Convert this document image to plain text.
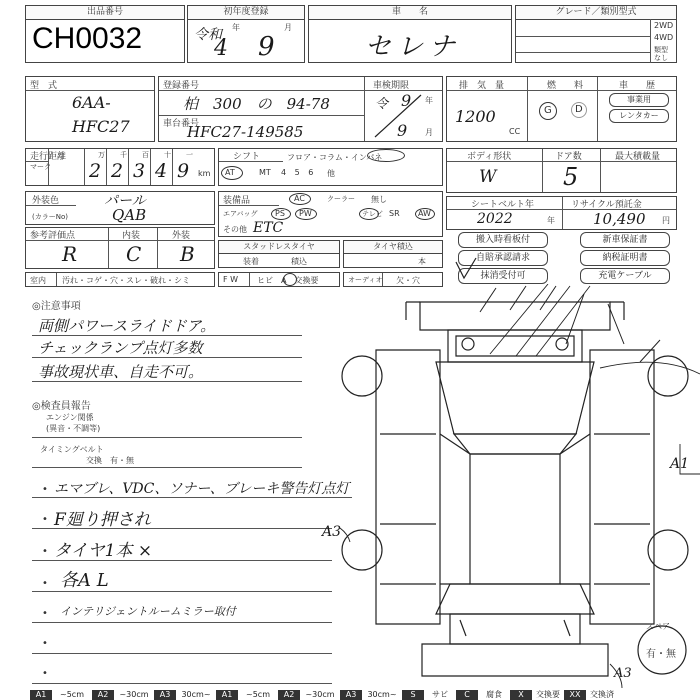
出品番号
CH0032
初年度登録
令和 年
4
月
9
車　　名
セレナ
グレード／類別型式
2WD
4WD
類型
なし
型　式
6AA-
HFC27
登録番号
柏　300　の　94-78
車台番号
HFC27-149585
車検期限
令 9 年
9 月
排　気　量
1200
CC
燃　　料
G D
車　　歴
事業用
レンタカー
走行距離
マーク
万
2
千
2
百
3
十
4
一
9 km
シフト	フロア・コラム・インパネ
AT	MT 4 5 6 他
ボディ形状
W
ドア数
5
最大積載量
外装色
(カラーNo)
パール
QAB
装備品	AC	クーラー 無し
エアバッグ PS PW	テレビ SR AW
その他 ETC
シートベルト年
2022	年
リサイクル預託金
10,490 円
参考評価点
R
内装
C
外装
B	スタッドレスタイヤ
装着	積込
タイヤ積込
本
搬入時看板付
自賠承認請求
抹消受付可
新車保証書
納税証明書
充電ケーブル
室内 汚れ・コゲ・穴・スレ・破れ・シミ	F W ヒビ　A　交換要	オーディオ 欠・穴
◎注意事項
両側パワースライドドア。
チェックランプ点灯多数
事故現状車、自走不可。
◎検査員報告
エンジン関係
(異音・不調等)
タイミングベルト
交換　有・無
•
•
•
•
•
•
•
エマブレ、VDC、ソナー、ブレーキ警告灯点灯
F廻り押され
タイヤ1本 ×
各A L
インテリジェントルームミラー取付
A1
A3
A3
スペア
有・無
A1	~5cm	A2	~30cm	A3	30cm~	A1	~5cm	A2	~30cm	A3	30cm~	S	サビ	C	腐食	X	交換要	XX	交換済
